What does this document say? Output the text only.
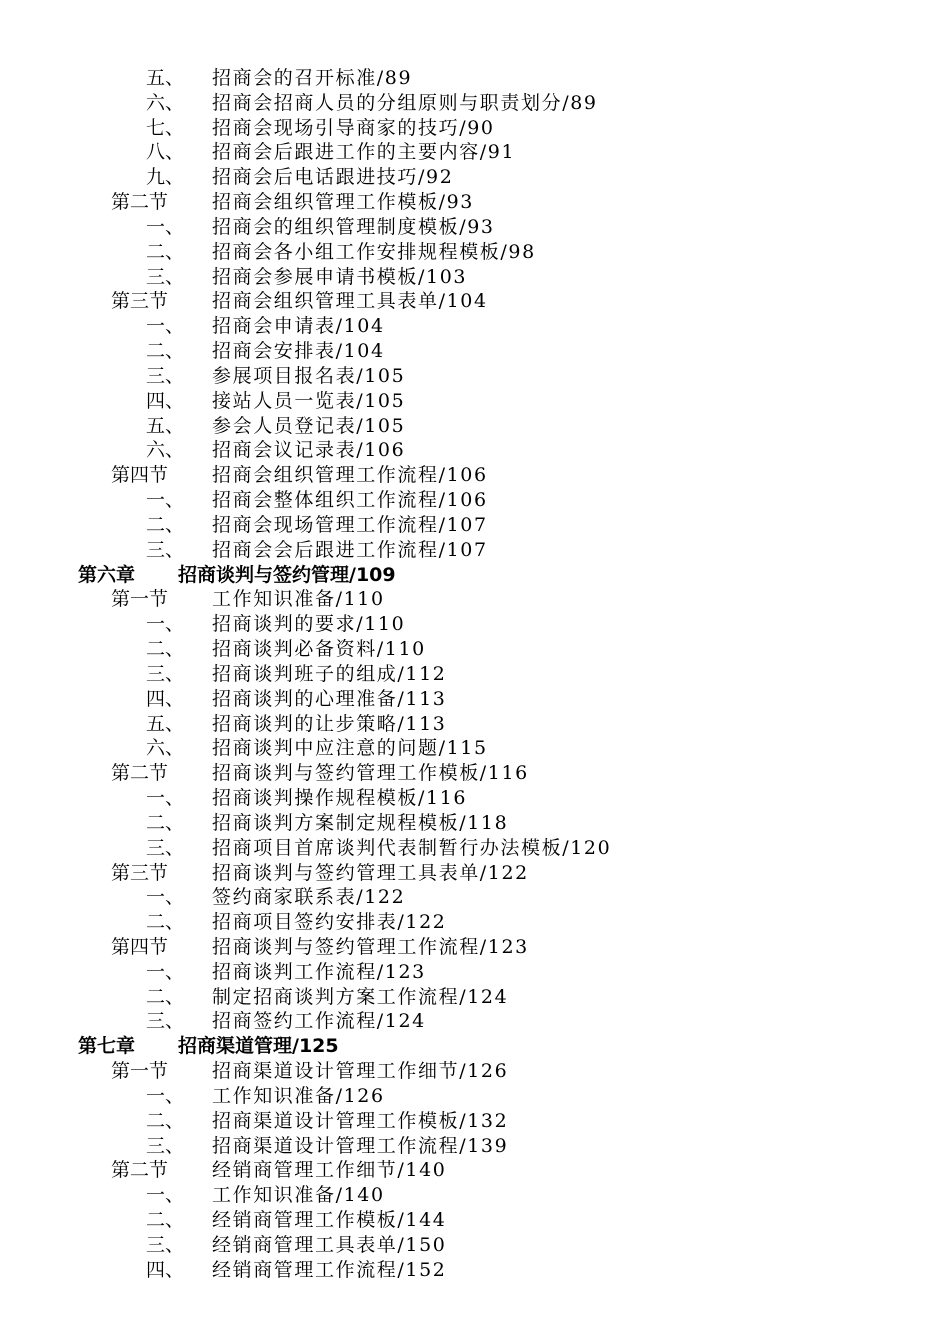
五、 招商会的召开标准/89
六、 招商会招商人员的分组原则与职责划分/89
七、 招商会现场引导商家的技巧/90
八、 招商会后跟进工作的主要内容/91
九、 招商会后电话跟进技巧/92
第二节 招商会组织管理工作模板/93
一、 招商会的组织管理制度模板/93
二、 招商会各小组工作安排规程模板/98
三、 招商会参展申请书模板/103
第三节 招商会组织管理工具表单/104
一、 招商会申请表/104
二、 招商会安排表/104
三、 参展项目报名表/105
四、 接站人员一览表/105
五、 参会人员登记表/105
六、 招商会议记录表/106
第四节 招商会组织管理工作流程/106
一、 招商会整体组织工作流程/106
二、 招商会现场管理工作流程/107
三、 招商会会后跟进工作流程/107
第六章 招商谈判与签约管理/109
第一节 工作知识准备/110
一、 招商谈判的要求/110
二、 招商谈判必备资料/110
三、 招商谈判班子的组成/112
四、 招商谈判的心理准备/113
五、 招商谈判的让步策略/113
六、 招商谈判中应注意的问题/115
第二节 招商谈判与签约管理工作模板/116
一、 招商谈判操作规程模板/116
二、 招商谈判方案制定规程模板/118
三、 招商项目首席谈判代表制暂行办法模板/120
第三节 招商谈判与签约管理工具表单/122
一、 签约商家联系表/122
二、 招商项目签约安排表/122
第四节 招商谈判与签约管理工作流程/123
一、 招商谈判工作流程/123
二、 制定招商谈判方案工作流程/124
三、 招商签约工作流程/124
第七章 招商渠道管理/125
第一节 招商渠道设计管理工作细节/126
一、 工作知识准备/126
二、 招商渠道设计管理工作模板/132
三、 招商渠道设计管理工作流程/139
第二节 经销商管理工作细节/140
一、 工作知识准备/140
二、 经销商管理工作模板/144
三、 经销商管理工具表单/150
四、 经销商管理工作流程/152
